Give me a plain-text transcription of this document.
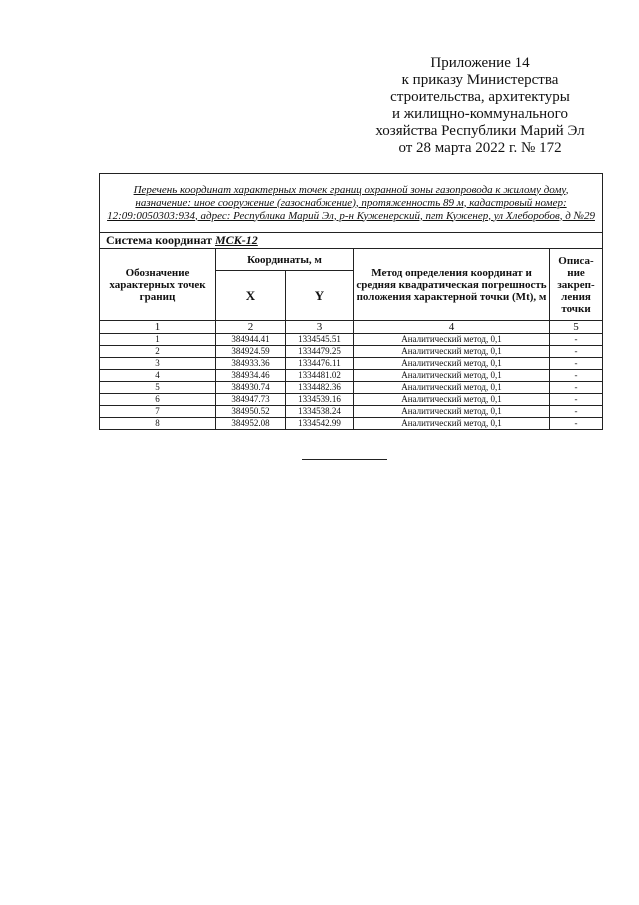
Приложение 14
к приказу Министерства
строительства, архитектуры
и жилищно-коммунального
хозяйства Республики Марий Эл
от 28 марта 2022 г. № 172
Перечень координат характерных точек границ охранной зоны газопровода к жилому дому, назначение: иное сооружение (газоснабжение), протяженность 89 м, кадастровый номер: 12:09:0050303:934, адрес: Республика Марий Эл, р-н Куженерский, пгт Куженер, ул Хлеборобов, д №29				
Система координат МСК-12				
Обозначение характерных точек границ	Координаты, м		Метод определения координат и средняя квадратическая погрешность положения характерной точки (Mt), м	Описа-ние закреп-ления точки
	X	Y		
1	2	3	4	5
1	384944.41	1334545.51	Аналитический метод, 0,1	-
2	384924.59	1334479.25	Аналитический метод, 0,1	-
3	384933.36	1334476.11	Аналитический метод, 0,1	-
4	384934.46	1334481.02	Аналитический метод, 0,1	-
5	384930.74	1334482.36	Аналитический метод, 0,1	-
6	384947.73	1334539.16	Аналитический метод, 0,1	-
7	384950.52	1334538.24	Аналитический метод, 0,1	-
8	384952.08	1334542.99	Аналитический метод, 0,1	-
